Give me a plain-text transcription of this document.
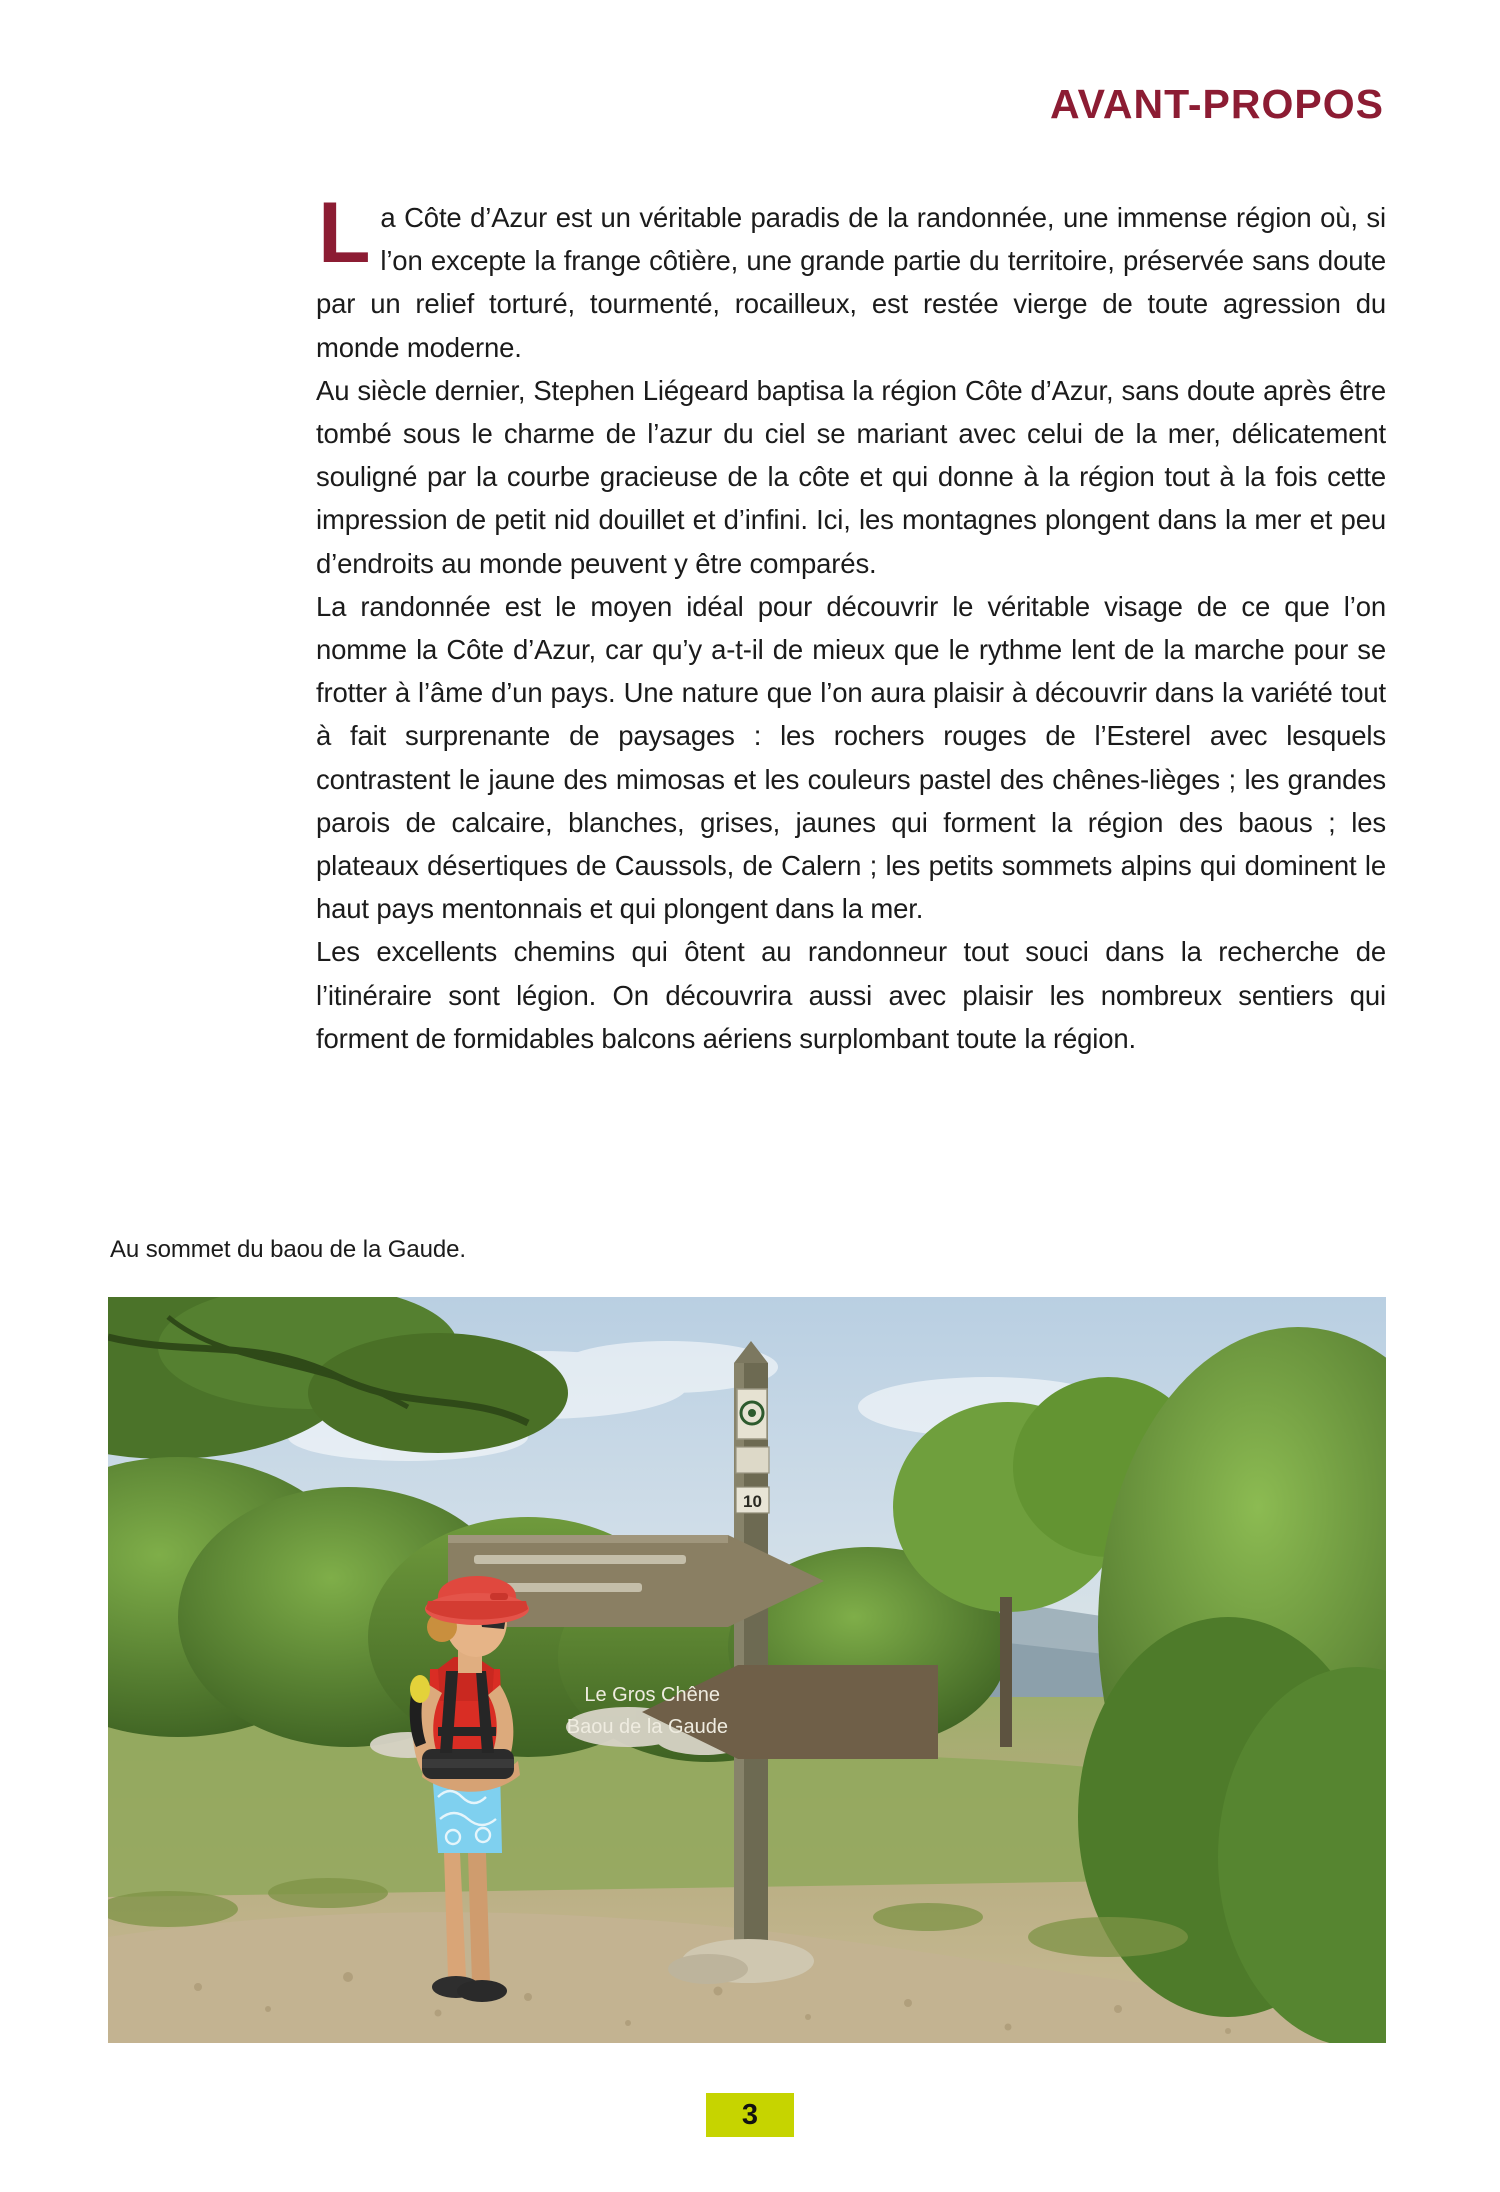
AVANT-PROPOS

La Côte d’Azur est un véritable paradis de la randonnée, une immense région où, si l’on excepte la frange côtière, une grande partie du territoire, préservée sans doute par un relief torturé, tourmenté, rocailleux, est restée vierge de toute agression du monde moderne.

Au siècle dernier, Stephen Liégeard baptisa la région Côte d’Azur, sans doute après être tombé sous le charme de l’azur du ciel se mariant avec celui de la mer, délicatement souligné par la courbe gracieuse de la côte et qui donne à la région tout à la fois cette impression de petit nid douillet et d’infini. Ici, les montagnes plongent dans la mer et peu d’endroits au monde peuvent y être comparés.

La randonnée est le moyen idéal pour découvrir le véritable visage de ce que l’on nomme la Côte d’Azur, car qu’y a-t-il de mieux que le rythme lent de la marche pour se frotter à l’âme d’un pays. Une nature que l’on aura plaisir à découvrir dans la variété tout à fait surprenante de paysages : les rochers rouges de l’Esterel avec lesquels contrastent le jaune des mimosas et les couleurs pastel des chênes-lièges ; les grandes parois de calcaire, blanches, grises, jaunes qui forment la région des baous ; les plateaux désertiques de Caussols, de Calern ; les petits sommets alpins qui dominent le haut pays mentonnais et qui plongent dans la mer.

Les excellents chemins qui ôtent au randonneur tout souci dans la recherche de l’itinéraire sont légion. On découvrira aussi avec plaisir les nombreux sentiers qui forment de formidables balcons aériens surplombant toute la région.

Au sommet du baou de la Gaude.
10
Le Gros Chêne
Baou de la Gaude
3
